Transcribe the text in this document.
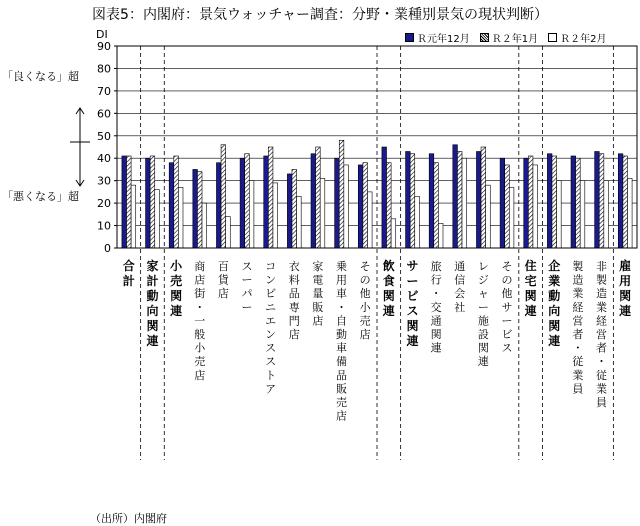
図表5：内閣府：景気ウォッチャー調査：分野・業種別景気の現状判断）
DI	Ｒ元年12月 Ｒ２年1月 Ｒ２年2月
「良くなる」超
「悪くなる」超
0
10
20
30
40
50
60
70
80
90
合計
家計動向関連
小売関連
商店街・一般小売店
百貨店
スーパー
コンビニエンスストア
衣料品専門店
家電量販店
乗用車・自動車備品販売店
その他小売店
飲食関連
サービス関連
旅行・交通関連
通信会社
レジャー施設関連
その他サービス
住宅関連
企業動向関連
製造業経営者・従業員
非製造業経営者・従業員
雇用関連
（出所）内閣府
